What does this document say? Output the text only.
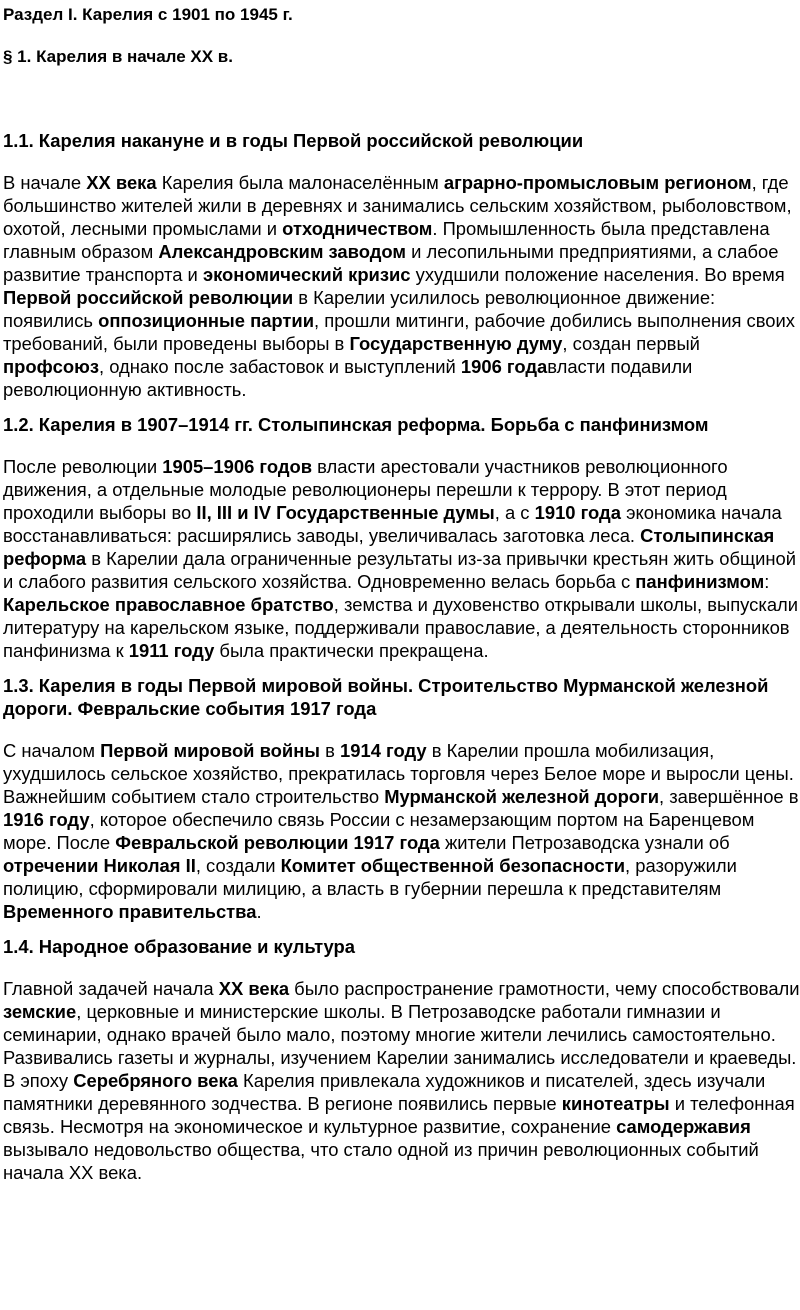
Раздел I. Карелия с 1901 по 1945 г.
§ 1. Карелия в начале XX в.
1.1. Карелия накануне и в годы Первой российской революции

В начале XX века Карелия была малонаселённым аграрно-промысловым регионом, где большинство жителей жили в деревнях и занимались сельским хозяйством, рыболовством, охотой, лесными промыслами и отходничеством. Промышленность была представлена главным образом Александровским заводом и лесопильными предприятиями, а слабое развитие транспорта и экономический кризис ухудшили положение населения. Во время Первой российской революции в Карелии усилилось революционное движение: появились оппозиционные партии, прошли митинги, рабочие добились выполнения своих требований, были проведены выборы в Государственную думу, создан первый профсоюз, однако после забастовок и выступлений 1906 годавласти подавили революционную активность.

1.2. Карелия в 1907–1914 гг. Столыпинская реформа. Борьба с панфинизмом

После революции 1905–1906 годов власти арестовали участников революционного движения, а отдельные молодые революционеры перешли к террору. В этот период проходили выборы во II, III и IV Государственные думы, а с 1910 года экономика начала восстанавливаться: расширялись заводы, увеличивалась заготовка леса. Столыпинская реформа в Карелии дала ограниченные результаты из-за привычки крестьян жить общиной и слабого развития сельского хозяйства. Одновременно велась борьба с панфинизмом: Карельское православное братство, земства и духовенство открывали школы, выпускали литературу на карельском языке, поддерживали православие, а деятельность сторонников панфинизма к 1911 году была практически прекращена.

1.3. Карелия в годы Первой мировой войны. Строительство Мурманской железной дороги. Февральские события 1917 года

С началом Первой мировой войны в 1914 году в Карелии прошла мобилизация, ухудшилось сельское хозяйство, прекратилась торговля через Белое море и выросли цены. Важнейшим событием стало строительство Мурманской железной дороги, завершённое в 1916 году, которое обеспечило связь России с незамерзающим портом на Баренцевом море. После Февральской революции 1917 года жители Петрозаводска узнали об отречении Николая II, создали Комитет общественной безопасности, разоружили полицию, сформировали милицию, а власть в губернии перешла к представителям Временного правительства.

1.4. Народное образование и культура

Главной задачей начала XX века было распространение грамотности, чему способствовали земские, церковные и министерские школы. В Петрозаводске работали гимназии и семинарии, однако врачей было мало, поэтому многие жители лечились самостоятельно. Развивались газеты и журналы, изучением Карелии занимались исследователи и краеведы. В эпоху Серебряного века Карелия привлекала художников и писателей, здесь изучали памятники деревянного зодчества. В регионе появились первые кинотеатры и телефонная связь. Несмотря на экономическое и культурное развитие, сохранение самодержавия вызывало недовольство общества, что стало одной из причин революционных событий начала XX века.
